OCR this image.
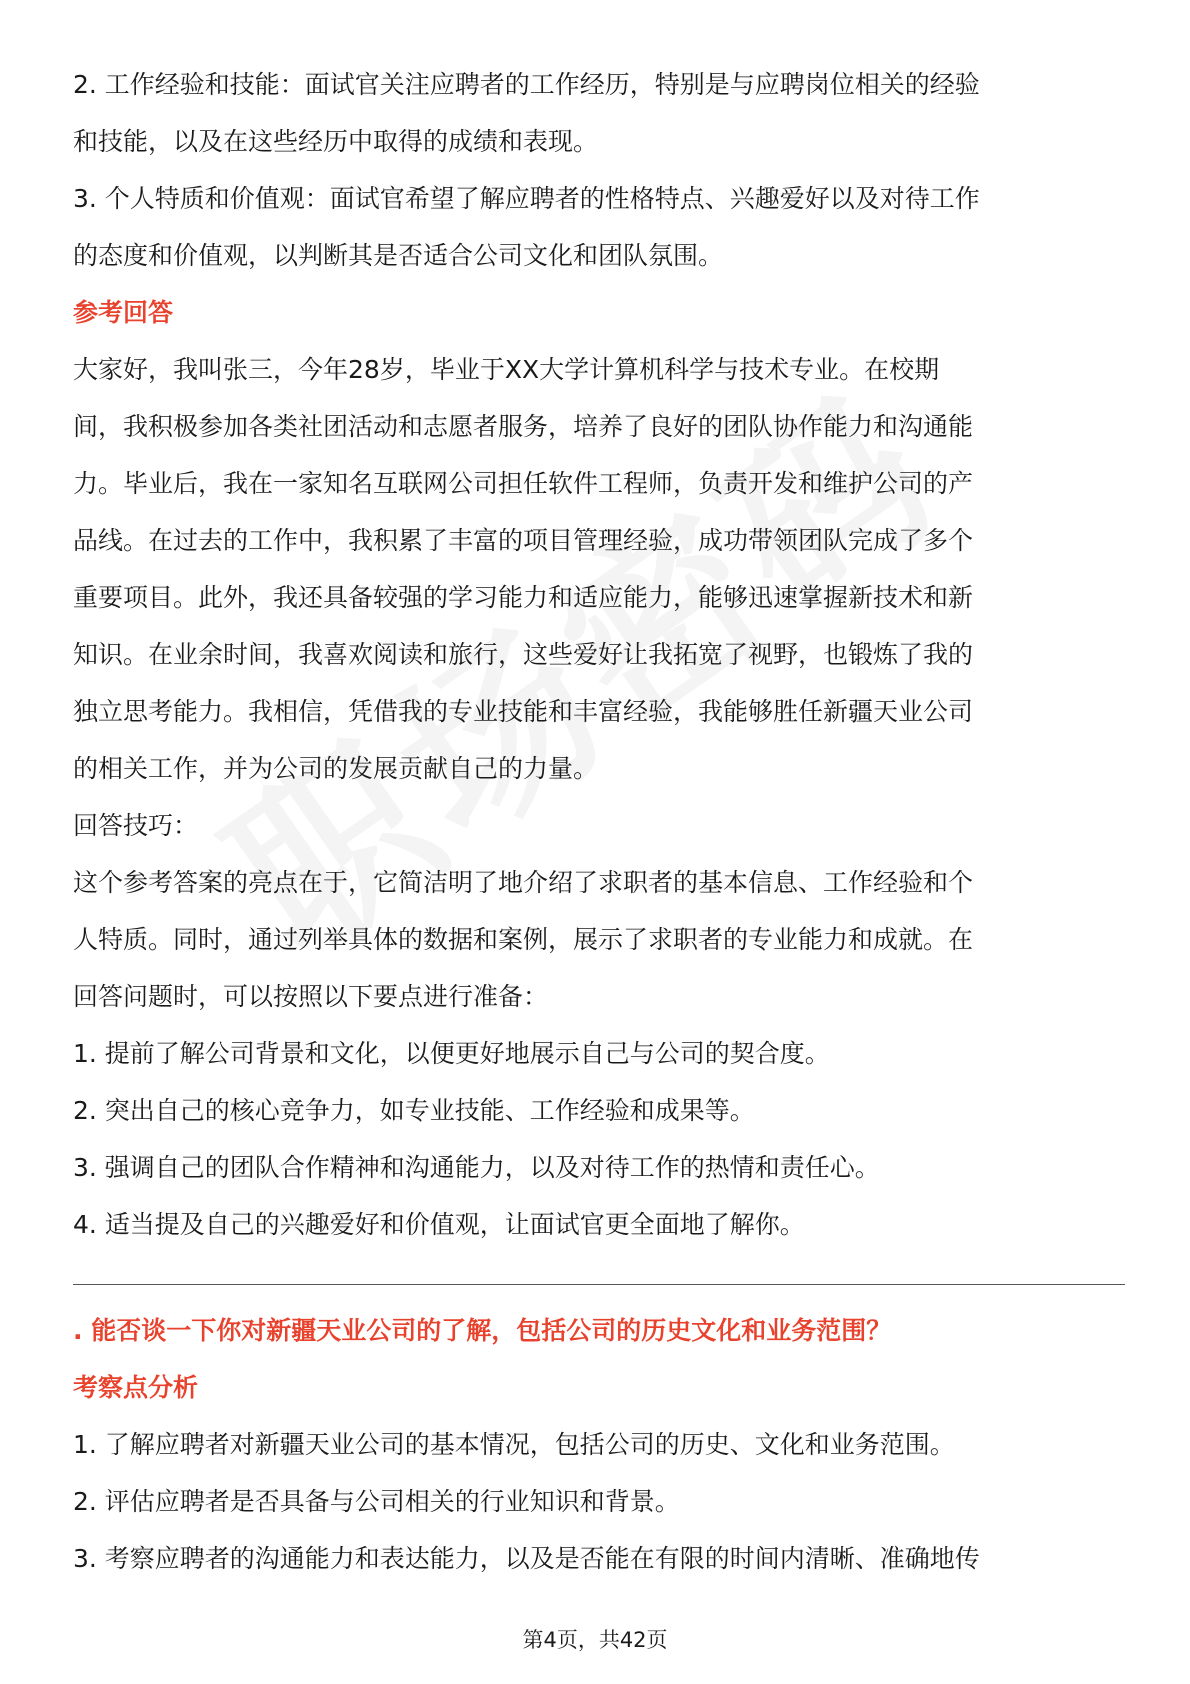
2. 工作经验和技能：面试官关注应聘者的工作经历，特别是与应聘岗位相关的经验

和技能，以及在这些经历中取得的成绩和表现。

3. 个人特质和价值观：面试官希望了解应聘者的性格特点、兴趣爱好以及对待工作

的态度和价值观，以判断其是否适合公司文化和团队氛围。

参考回答

大家好，我叫张三，今年28岁，毕业于XX大学计算机科学与技术专业。在校期

间，我积极参加各类社团活动和志愿者服务，培养了良好的团队协作能力和沟通能

力。毕业后，我在一家知名互联网公司担任软件工程师，负责开发和维护公司的产

品线。在过去的工作中，我积累了丰富的项目管理经验，成功带领团队完成了多个

重要项目。此外，我还具备较强的学习能力和适应能力，能够迅速掌握新技术和新

知识。在业余时间，我喜欢阅读和旅行，这些爱好让我拓宽了视野，也锻炼了我的

独立思考能力。我相信，凭借我的专业技能和丰富经验，我能够胜任新疆天业公司

的相关工作，并为公司的发展贡献自己的力量。

回答技巧：

这个参考答案的亮点在于，它简洁明了地介绍了求职者的基本信息、工作经验和个

人特质。同时，通过列举具体的数据和案例，展示了求职者的专业能力和成就。在

回答问题时，可以按照以下要点进行准备：

1. 提前了解公司背景和文化，以便更好地展示自己与公司的契合度。

2. 突出自己的核心竞争力，如专业技能、工作经验和成果等。

3. 强调自己的团队合作精神和沟通能力，以及对待工作的热情和责任心。

4. 适当提及自己的兴趣爱好和价值观，让面试官更全面地了解你。

. 能否谈一下你对新疆天业公司的了解，包括公司的历史文化和业务范围？

考察点分析

1. 了解应聘者对新疆天业公司的基本情况，包括公司的历史、文化和业务范围。

2. 评估应聘者是否具备与公司相关的行业知识和背景。

3. 考察应聘者的沟通能力和表达能力，以及是否能在有限的时间内清晰、准确地传

第4页，共42页
